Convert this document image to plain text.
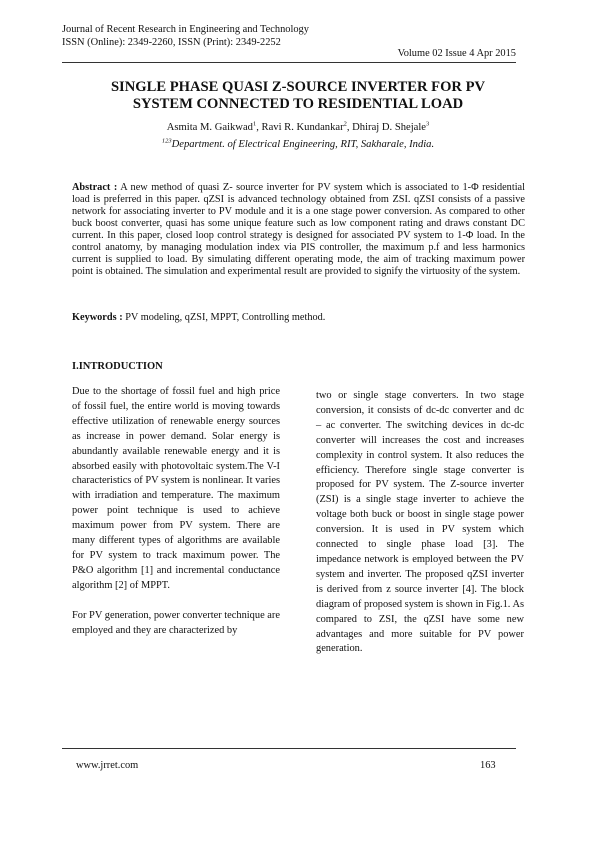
Journal of Recent Research in Engineering and Technology
ISSN (Online): 2349-2260, ISSN (Print): 2349-2252
Volume 02 Issue 4 Apr 2015
SINGLE PHASE QUASI Z-SOURCE INVERTER FOR PV
SYSTEM CONNECTED TO RESIDENTIAL LOAD
Asmita M. Gaikwad$^1$, Ravi R. Kundankar$^2$, Dhiraj D. Shejale$^3$
$^{123}$Department. of Electrical Engineering, RIT, Sakharale, India.
Abstract : A new method of quasi Z- source inverter for PV system which is associated to 1-Φ residential load is preferred in this paper. qZSI is advanced technology obtained from ZSI. qZSI consists of a passive network for associating inverter to PV module and it is a one stage power conversion. As compared to other buck boost converter, quasi has some unique feature such as low component rating and draws constant DC current. In this paper, closed loop control strategy is designed for associated PV system to 1-Φ load. In the control anatomy, by managing modulation index via PIS controller, the maximum p.f and less harmonics current is supplied to load. By simulating different operating mode, the aim of tracking maximum power point is obtained. The simulation and experimental result are provided to signify the virtuosity of the system.
Keywords : PV modeling, qZSI, MPPT, Controlling method.
I.INTRODUCTION

Due to the shortage of fossil fuel and high price of fossil fuel, the entire world is moving towards effective utilization of renewable energy sources as increase in power demand. Solar energy is abundantly available renewable energy and it is absorbed easily with photovoltaic system.The V-I characteristics of PV system is nonlinear. It varies with irradiation and temperature. The maximum power point technique is used to achieve maximum power from PV system. There are many different types of algorithms are available for PV system to track maximum power. The P&O algorithm [1] and incremental conductance algorithm [2] of MPPT.

For PV generation, power converter technique are employed and they are characterized by

two or single stage converters. In two stage conversion, it consists of dc-dc converter and dc – ac converter. The switching devices in dc-dc converter will increases the cost and increases complexity in control system. It also reduces the efficiency. Therefore single stage converter is proposed for PV system. The Z-source inverter (ZSI) is a single stage inverter to achieve the voltage both buck or boost in single stage power conversion. It is used in PV system which connected to single phase load [3]. The impedance network is employed between the PV system and inverter. The proposed qZSI inverter is derived from z source inverter [4]. The block diagram of proposed system is shown in Fig.1. As compared to ZSI, the qZSI have some new advantages and more suitable for PV power generation.

www.jrret.com	163
